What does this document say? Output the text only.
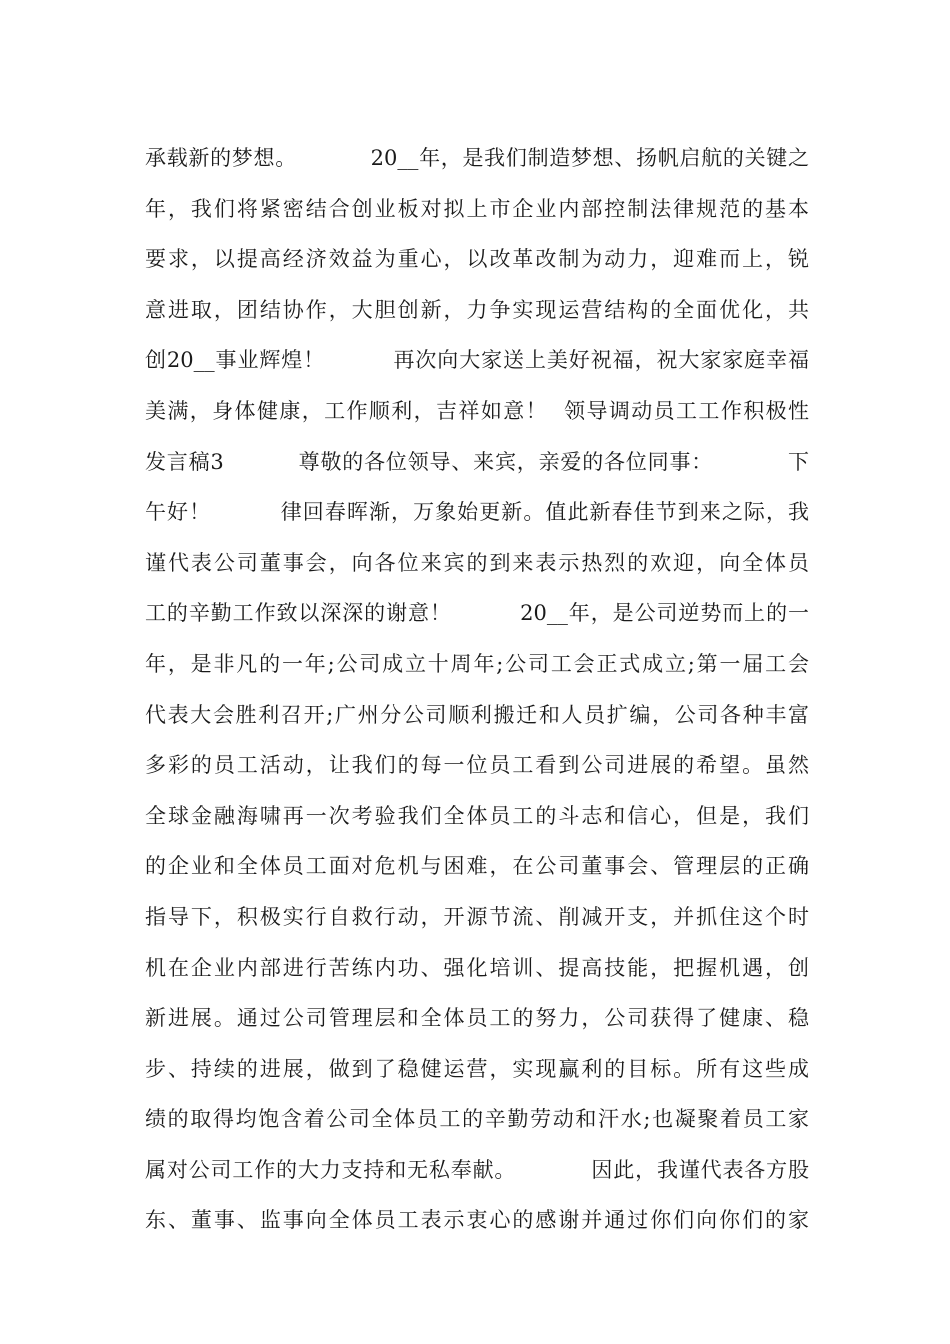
承载新的梦想。          20__年，是我们制造梦想、扬帆启航的关键之
年，我们将紧密结合创业板对拟上市企业内部控制法律规范的基本
要求，以提高经济效益为重心，以改革改制为动力，迎难而上，锐
意进取，团结协作，大胆创新，力争实现运营结构的全面优化，共
创20__事业辉煌！         再次向大家送上美好祝福，祝大家家庭幸福
美满，身体健康，工作顺利，吉祥如意！  领导调动员工工作积极性
发言稿3          尊敬的各位领导、来宾，亲爱的各位同事：          下
午好！         律回春晖渐，万象始更新。值此新春佳节到来之际，我
谨代表公司董事会，向各位来宾的到来表示热烈的欢迎，向全体员
工的辛勤工作致以深深的谢意！         20__年，是公司逆势而上的一
年，是非凡的一年;公司成立十周年;公司工会正式成立;第一届工会
代表大会胜利召开;广州分公司顺利搬迁和人员扩编，公司各种丰富
多彩的员工活动，让我们的每一位员工看到公司进展的希望。虽然
全球金融海啸再一次考验我们全体员工的斗志和信心，但是，我们
的企业和全体员工面对危机与困难，在公司董事会、管理层的正确
指导下，积极实行自救行动，开源节流、削减开支，并抓住这个时
机在企业内部进行苦练内功、强化培训、提高技能，把握机遇，创
新进展。通过公司管理层和全体员工的努力，公司获得了健康、稳
步、持续的进展，做到了稳健运营，实现赢利的目标。所有这些成
绩的取得均饱含着公司全体员工的辛勤劳动和汗水;也凝聚着员工家
属对公司工作的大力支持和无私奉献。          因此，我谨代表各方股
东、董事、监事向全体员工表示衷心的感谢并通过你们向你们的家
